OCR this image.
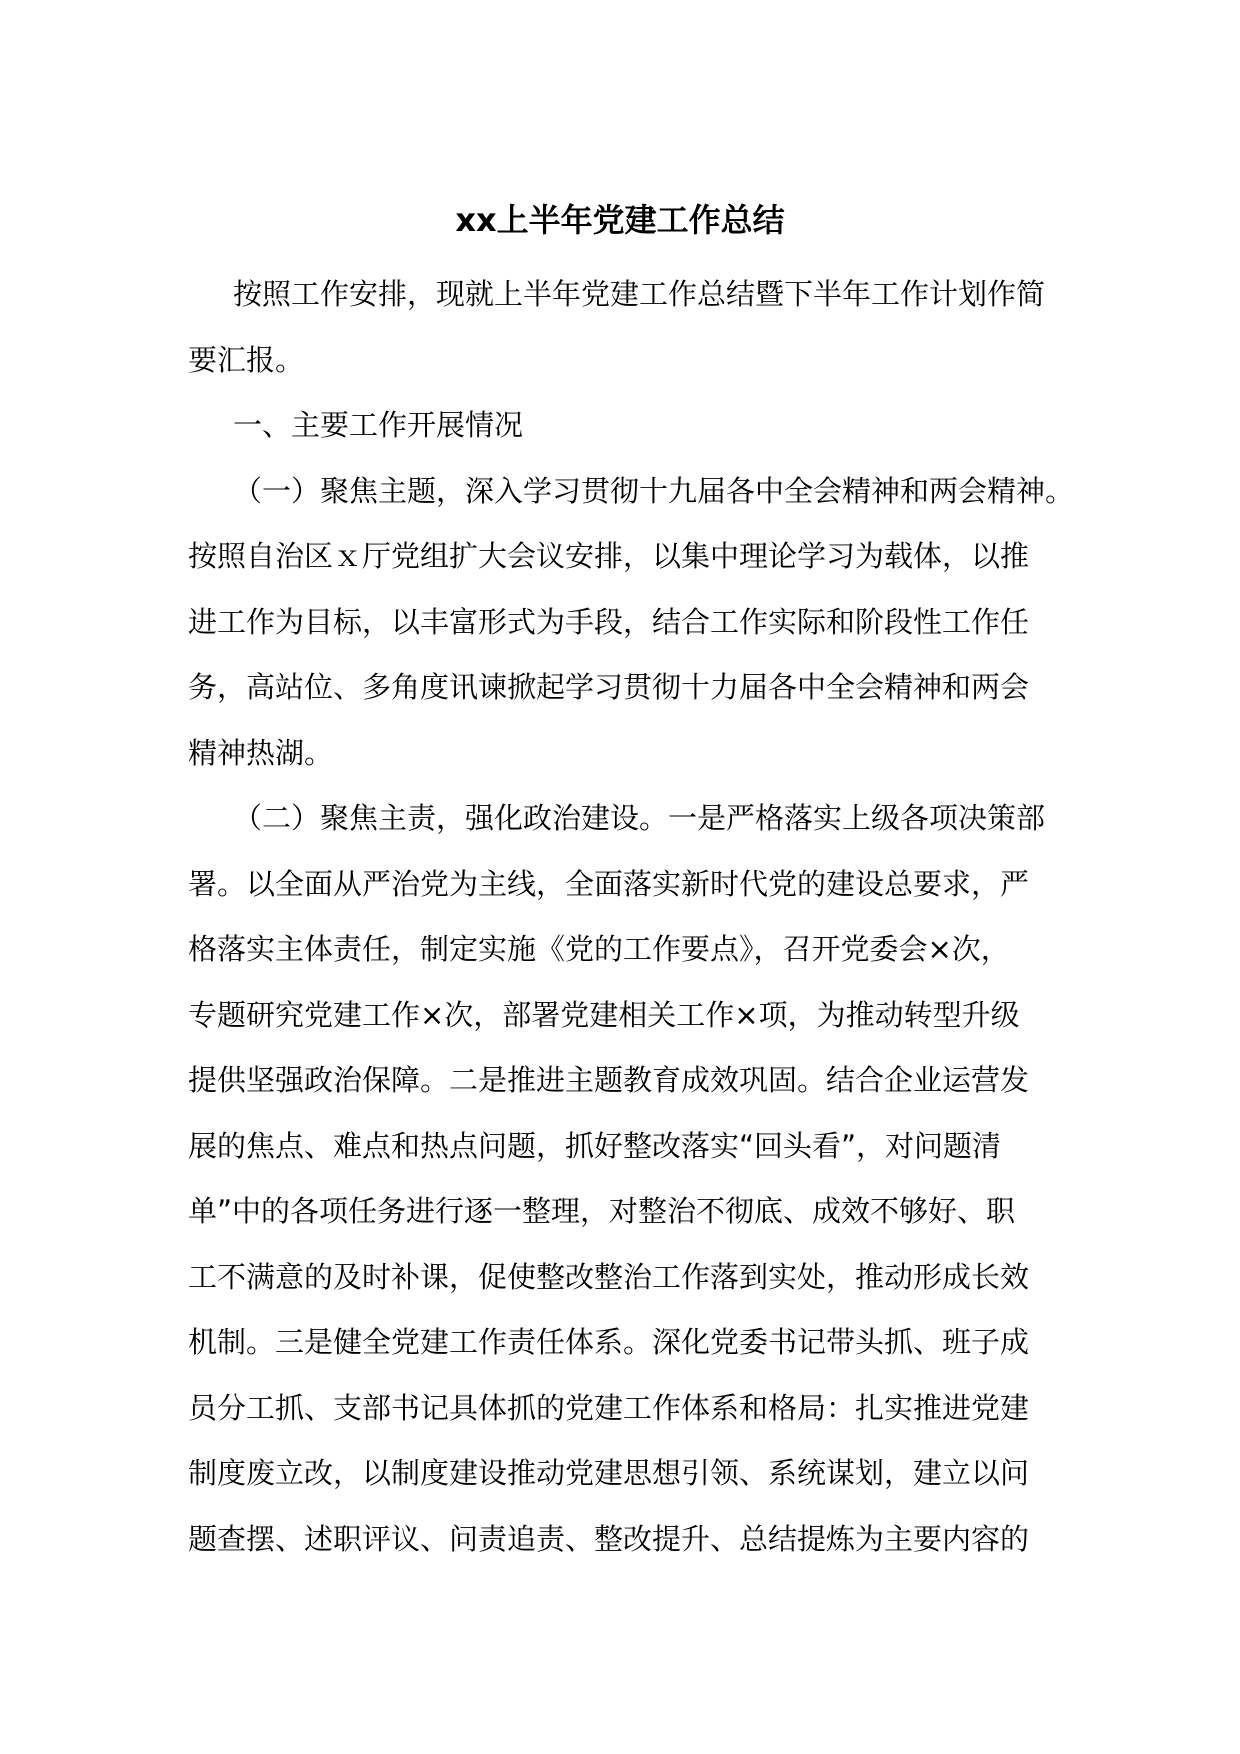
xx上半年党建工作总结
按照工作安排，现就上半年党建工作总结暨下半年工作计划作简
要汇报。
一、主要工作开展情况
（一）聚焦主题，深入学习贯彻十九届各中全会精神和两会精神。
按照自治区ｘ厅党组扩大会议安排，以集中理论学习为载体，以推
进工作为目标，以丰富形式为手段，结合工作实际和阶段性工作任
务，高站位、多角度讯谏掀起学习贯彻十力届各中全会精神和两会
精神热湖。
（二）聚焦主责，强化政治建设。一是严格落实上级各项决策部
署。以全面从严治党为主线，全面落实新时代党的建设总要求，严
格落实主体责任，制定实施《党的工作要点》，召开党委会×次，
专题研究党建工作×次，部署党建相关工作×项，为推动转型升级
提供坚强政治保障。二是推进主题教育成效巩固。结合企业运营发
展的焦点、难点和热点问题，抓好整改落实“回头看”，对问题清
单”中的各项任务进行逐一整理，对整治不彻底、成效不够好、职
工不满意的及时补课，促使整改整治工作落到实处，推动形成长效
机制。三是健全党建工作责任体系。深化党委书记带头抓、班子成
员分工抓、支部书记具体抓的党建工作体系和格局：扎实推进党建
制度废立改，以制度建设推动党建思想引领、系统谋划，建立以问
题查摆、述职评议、问责追责、整改提升、总结提炼为主要内容的
